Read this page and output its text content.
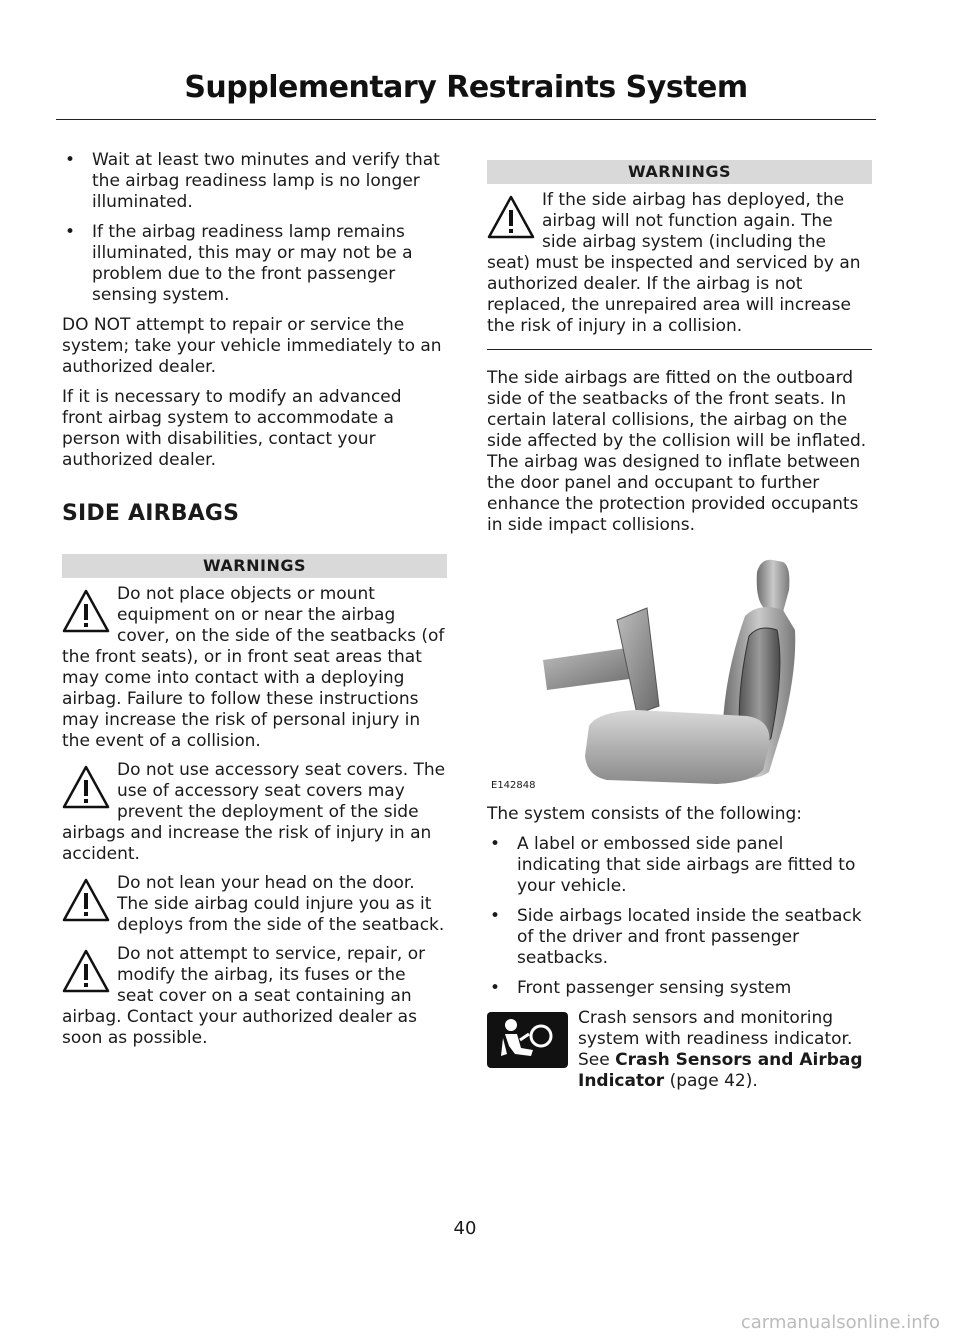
Supplementary Restraints System
• Wait at least two minutes and verify that the airbag readiness lamp is no longer illuminated.
• If the airbag readiness lamp remains illuminated, this may or may not be a problem due to the front passenger sensing system.

DO NOT attempt to repair or service the system; take your vehicle immediately to an authorized dealer.

If it is necessary to modify an advanced front airbag system to accommodate a person with disabilities, contact your authorized dealer.

SIDE AIRBAGS
WARNINGS
Do not place objects or mount equipment on or near the airbag cover, on the side of the seatbacks (of the front seats), or in front seat areas that may come into contact with a deploying airbag. Failure to follow these instructions may increase the risk of personal injury in the event of a collision.
Do not use accessory seat covers. The use of accessory seat covers may prevent the deployment of the side airbags and increase the risk of injury in an accident.
Do not lean your head on the door. The side airbag could injure you as it deploys from the side of the seatback.
Do not attempt to service, repair, or modify the airbag, its fuses or the seat cover on a seat containing an airbag. Contact your authorized dealer as soon as possible.
WARNINGS
If the side airbag has deployed, the airbag will not function again. The side airbag system (including the seat) must be inspected and serviced by an authorized dealer. If the airbag is not replaced, the unrepaired area will increase the risk of injury in a collision.

The side airbags are fitted on the outboard side of the seatbacks of the front seats. In certain lateral collisions, the airbag on the side affected by the collision will be inflated. The airbag was designed to inflate between the door panel and occupant to further enhance the protection provided occupants in side impact collisions.

E142848

The system consists of the following:

• A label or embossed side panel indicating that side airbags are fitted to your vehicle.
• Side airbags located inside the seatback of the driver and front passenger seatbacks.
• Front passenger sensing system

Crash sensors and monitoring system with readiness indicator. See Crash Sensors and Airbag Indicator (page 42).

40
carmanualsonline.info
